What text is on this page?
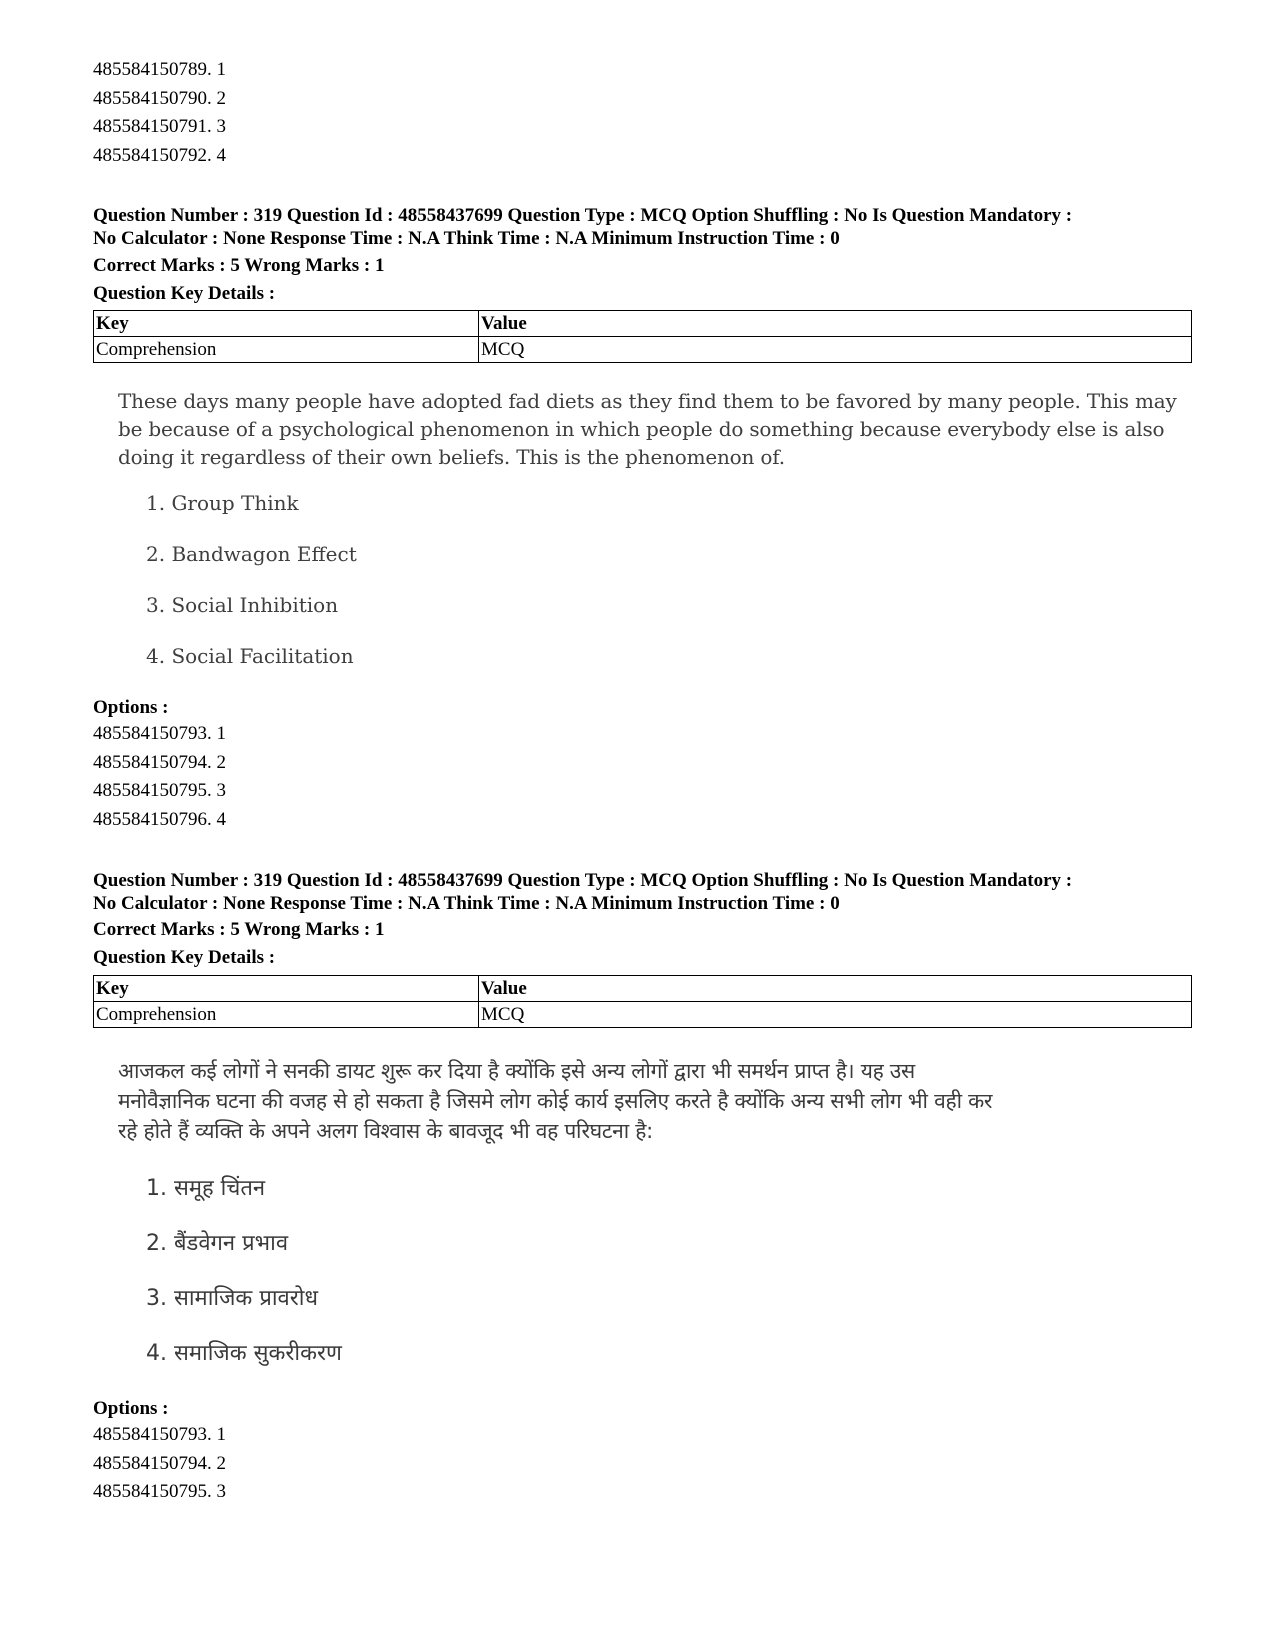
485584150789. 1
485584150790. 2
485584150791. 3
485584150792. 4
Question Number : 319 Question Id : 48558437699 Question Type : MCQ Option Shuffling : No Is Question Mandatory :
No Calculator : None Response Time : N.A Think Time : N.A Minimum Instruction Time : 0
Correct Marks : 5 Wrong Marks : 1
Question Key Details :
Key	Value
Comprehension	MCQ
These days many people have adopted fad diets as they find them to be favored by many people. This may be because of a psychological phenomenon in which people do something because everybody else is also doing it regardless of their own beliefs. This is the phenomenon of.
1. Group Think
2. Bandwagon Effect
3. Social Inhibition
4. Social Facilitation
Options :
485584150793. 1
485584150794. 2
485584150795. 3
485584150796. 4
Question Number : 319 Question Id : 48558437699 Question Type : MCQ Option Shuffling : No Is Question Mandatory :
No Calculator : None Response Time : N.A Think Time : N.A Minimum Instruction Time : 0
Correct Marks : 5 Wrong Marks : 1
Question Key Details :
Key	Value
Comprehension	MCQ
आजकल कई लोगों ने सनकी डायट शुरू कर दिया है क्योंकि इसे अन्य लोगों द्वारा भी समर्थन प्राप्त है। यह उस
मनोवैज्ञानिक घटना की वजह से हो सकता है जिसमे लोग कोई कार्य इसलिए करते है क्योंकि अन्य सभी लोग भी वही कर
रहे होते हैं व्यक्ति के अपने अलग विश्वास के बावजूद भी वह परिघटना है:
1. समूह चिंतन
2. बैंडवेगन प्रभाव
3. सामाजिक प्रावरोध
4. समाजिक सुकरीकरण
Options :
485584150793. 1
485584150794. 2
485584150795. 3
